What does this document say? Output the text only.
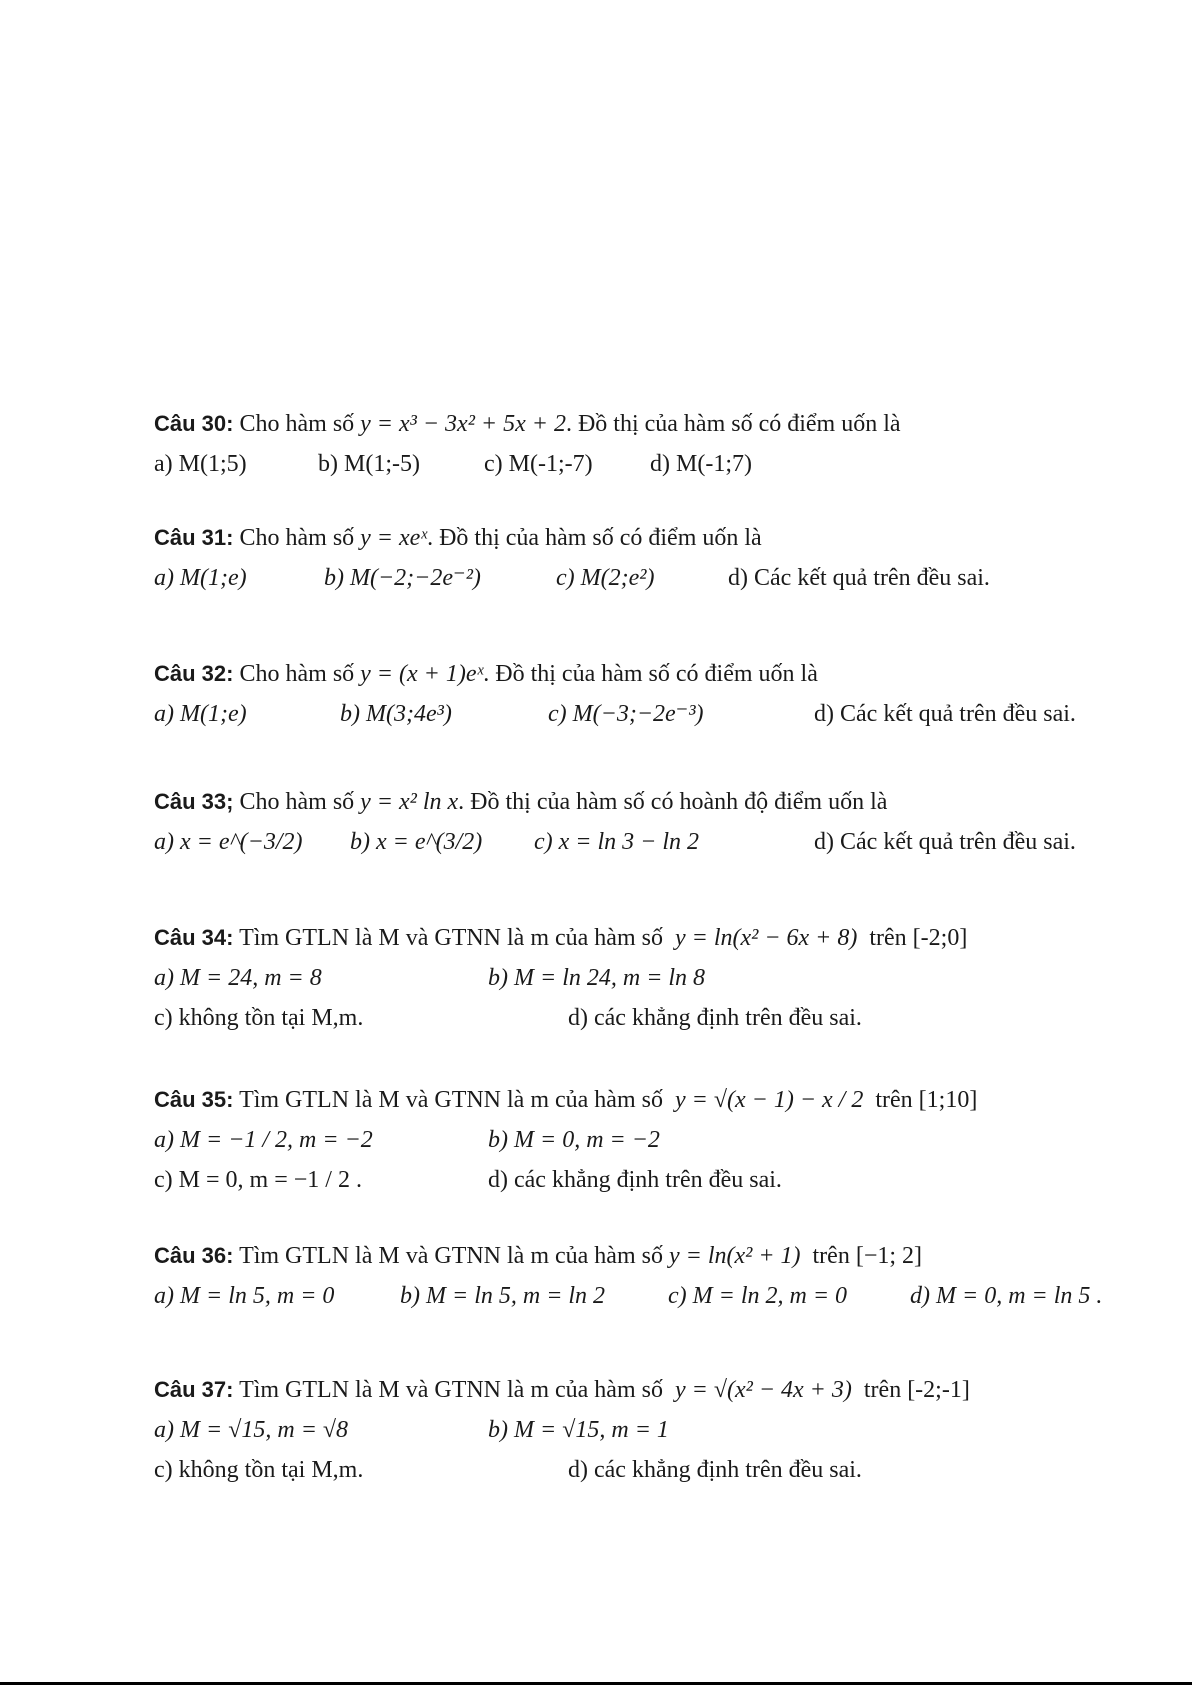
Câu 30: Cho hàm số y = x³ − 3x² + 5x + 2. Đồ thị của hàm số có điểm uốn là
a) M(1;5)	b) M(1;-5)	c) M(-1;-7) d) M(-1;7)
Câu 31: Cho hàm số y = xeˣ. Đồ thị của hàm số có điểm uốn là
a) M(1;e)	b) M(−2;−2e⁻²)	c) M(2;e²)	d) Các kết quả trên đều sai.
Câu 32: Cho hàm số y = (x + 1)eˣ. Đồ thị của hàm số có điểm uốn là
a) M(1;e)	b) M(3;4e³)	c) M(−3;−2e⁻³)	d) Các kết quả trên đều sai.
Câu 33; Cho hàm số y = x² ln x. Đồ thị của hàm số có hoành độ điểm uốn là
a) x = e^(−3/2) b) x = e^(3/2) c) x = ln 3 − ln 2	d) Các kết quả trên đều sai.
Câu 34: Tìm GTLN là M và GTNN là m của hàm số y = ln(x² − 6x + 8) trên [-2;0]
a) M = 24, m = 8	b) M = ln 24, m = ln 8
c) không tồn tại M,m.	d) các khẳng định trên đều sai.
Câu 35: Tìm GTLN là M và GTNN là m của hàm số y = √(x − 1) − x / 2 trên [1;10]
a) M = −1 / 2, m = −2	b) M = 0, m = −2
c) M = 0, m = −1 / 2 .	d) các khẳng định trên đều sai.
Câu 36: Tìm GTLN là M và GTNN là m của hàm số y = ln(x² + 1) trên [−1; 2]
a) M = ln 5, m = 0	b) M = ln 5, m = ln 2	c) M = ln 2, m = 0	d) M = 0, m = ln 5 .
Câu 37: Tìm GTLN là M và GTNN là m của hàm số y = √(x² − 4x + 3) trên [-2;-1]
a) M = √15, m = √8	b) M = √15, m = 1
c) không tồn tại M,m.	d) các khẳng định trên đều sai.
